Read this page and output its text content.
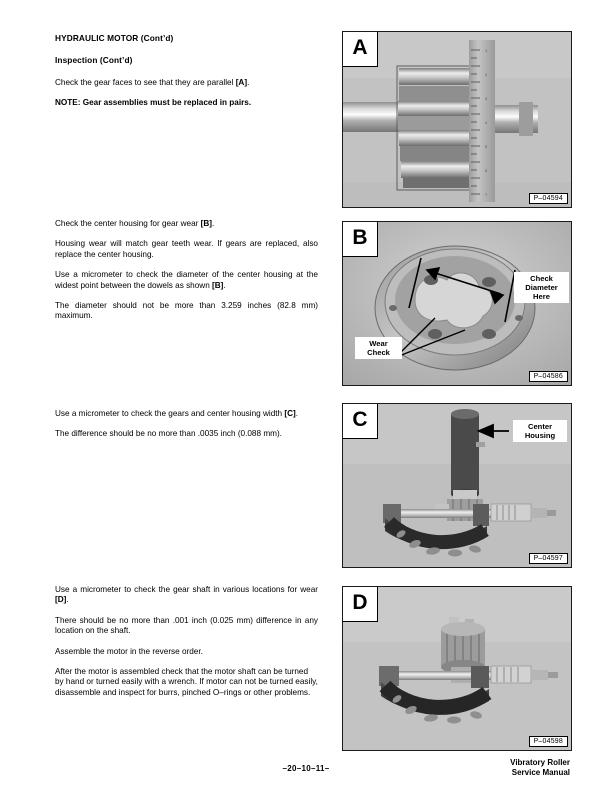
HYDRAULIC MOTOR (Cont’d)
Inspection (Cont’d)

Check the gear faces to see that they are parallel [A].

NOTE: Gear assemblies must be replaced in pairs.

Check the center housing for gear wear [B].

Housing wear will match gear teeth wear. If gears are replaced, also replace the center housing.

Use a micrometer to check the diameter of the center housing at the widest point between the dowels as shown [B].

The diameter should not be more than 3.259 inches (82.8 mm) maximum.

Use a micrometer to check the gears and center housing width [C].

The difference should be no more than .0035 inch (0.088 mm).

Use a micrometer to check the gear shaft in various locations for wear [D].

There should be no more than .001 inch (0.025 mm) difference in any location on the shaft.

Assemble the motor in the reverse order.

After the motor is assembled check that the motor shaft can be turned by hand or turned easily with a wrench. If motor can not be turned easily, disassemble and inspect for burrs, pinched O–rings or other problems.

1
2
3
4
5
6
7
A
P–04594
B
Check
Diameter
Here
Wear
Check
P–04586
C	Center
Housing
P–04597
D
P–04598
–20–10–11–
Vibratory Roller
Service Manual
